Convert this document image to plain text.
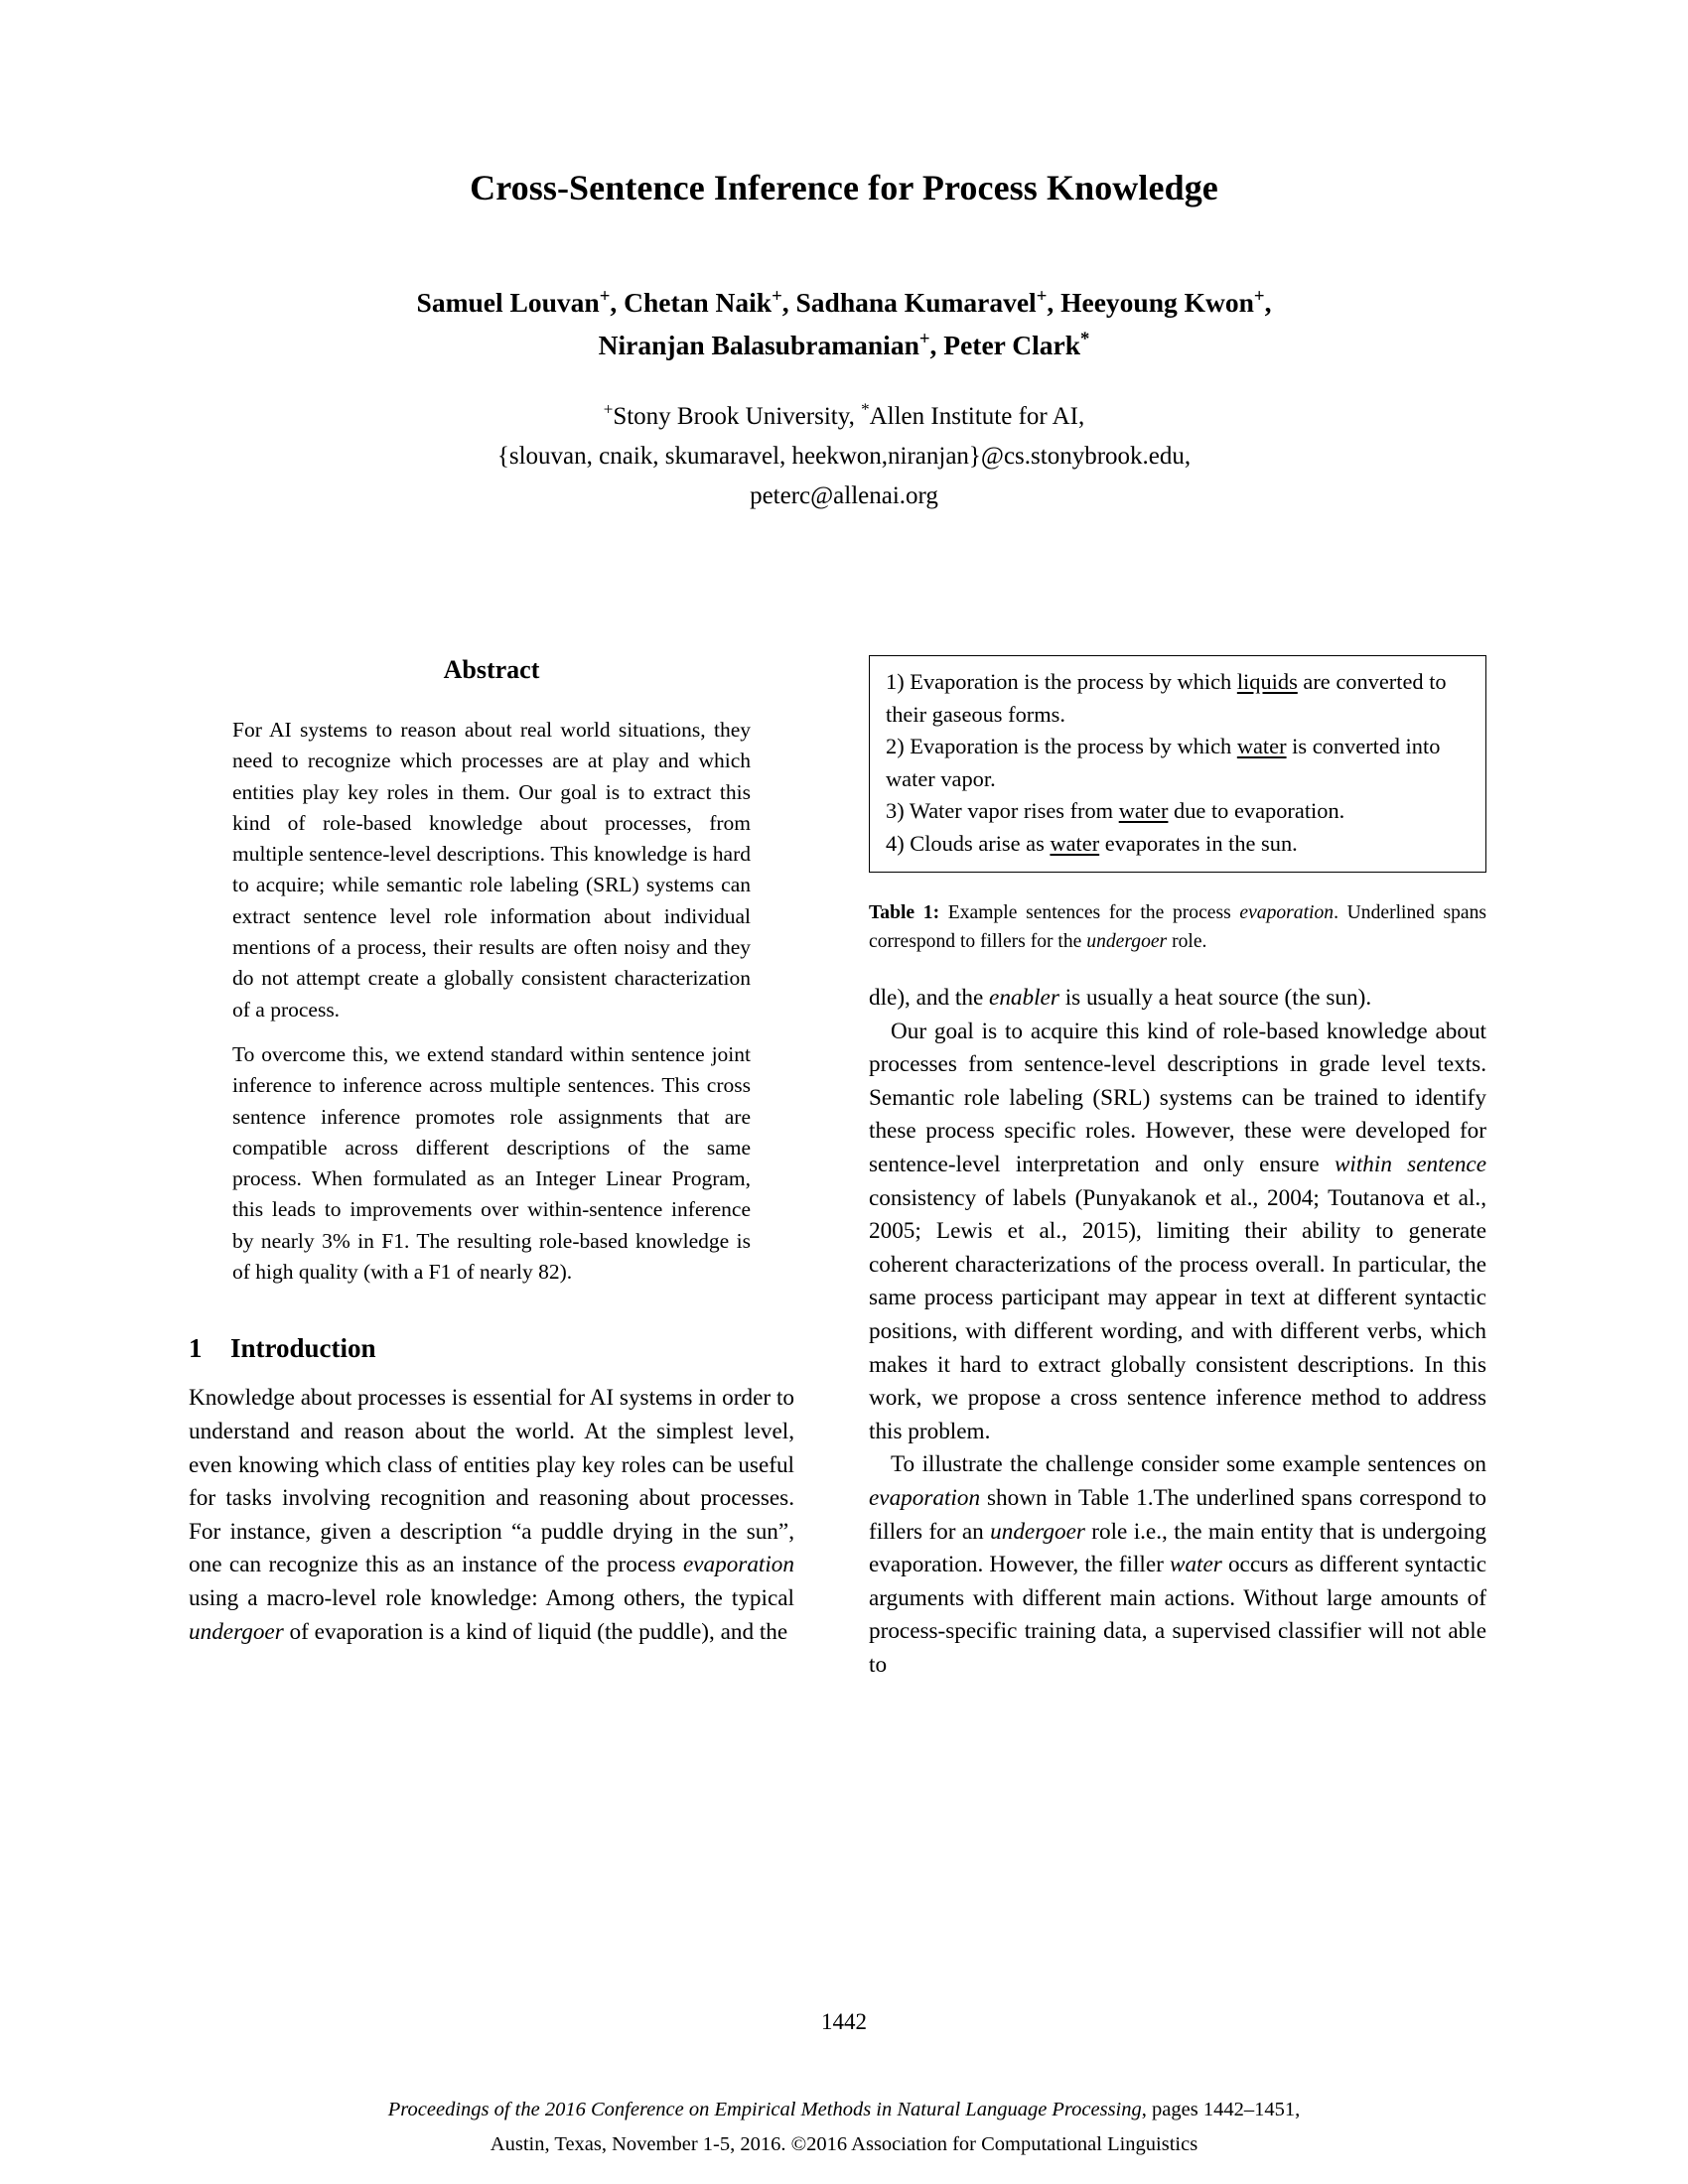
Cross-Sentence Inference for Process Knowledge
Samuel Louvan+, Chetan Naik+, Sadhana Kumaravel+, Heeyoung Kwon+,
Niranjan Balasubramanian+, Peter Clark*
+Stony Brook University, *Allen Institute for AI,
{slouvan, cnaik, skumaravel, heekwon,niranjan}@cs.stonybrook.edu,
peterc@allenai.org
Abstract

For AI systems to reason about real world situations, they need to recognize which processes are at play and which entities play key roles in them. Our goal is to extract this kind of role-based knowledge about processes, from multiple sentence-level descriptions. This knowledge is hard to acquire; while semantic role labeling (SRL) systems can extract sentence level role information about individual mentions of a process, their results are often noisy and they do not attempt create a globally consistent characterization of a process.

To overcome this, we extend standard within sentence joint inference to inference across multiple sentences. This cross sentence inference promotes role assignments that are compatible across different descriptions of the same process. When formulated as an Integer Linear Program, this leads to improvements over within-sentence inference by nearly 3% in F1. The resulting role-based knowledge is of high quality (with a F1 of nearly 82).

1 Introduction

Knowledge about processes is essential for AI systems in order to understand and reason about the world. At the simplest level, even knowing which class of entities play key roles can be useful for tasks involving recognition and reasoning about processes. For instance, given a description “a puddle drying in the sun”, one can recognize this as an instance of the process evaporation using a macro-level role knowledge: Among others, the typical undergoer of evaporation is a kind of liquid (the puddle), and the

1) Evaporation is the process by which liquids are converted to their gaseous forms.
2) Evaporation is the process by which water is converted into water vapor.
3) Water vapor rises from water due to evaporation.
4) Clouds arise as water evaporates in the sun.
Table 1: Example sentences for the process evaporation. Underlined spans correspond to fillers for the undergoer role.

dle), and the enabler is usually a heat source (the sun).

Our goal is to acquire this kind of role-based knowledge about processes from sentence-level descriptions in grade level texts. Semantic role labeling (SRL) systems can be trained to identify these process specific roles. However, these were developed for sentence-level interpretation and only ensure within sentence consistency of labels (Punyakanok et al., 2004; Toutanova et al., 2005; Lewis et al., 2015), limiting their ability to generate coherent characterizations of the process overall. In particular, the same process participant may appear in text at different syntactic positions, with different wording, and with different verbs, which makes it hard to extract globally consistent descriptions. In this work, we propose a cross sentence inference method to address this problem.

To illustrate the challenge consider some example sentences on evaporation shown in Table 1.The underlined spans correspond to fillers for an undergoer role i.e., the main entity that is undergoing evaporation. However, the filler water occurs as different syntactic arguments with different main actions. Without large amounts of process-specific training data, a supervised classifier will not able to

1442
Proceedings of the 2016 Conference on Empirical Methods in Natural Language Processing, pages 1442–1451,
Austin, Texas, November 1-5, 2016. ©2016 Association for Computational Linguistics
